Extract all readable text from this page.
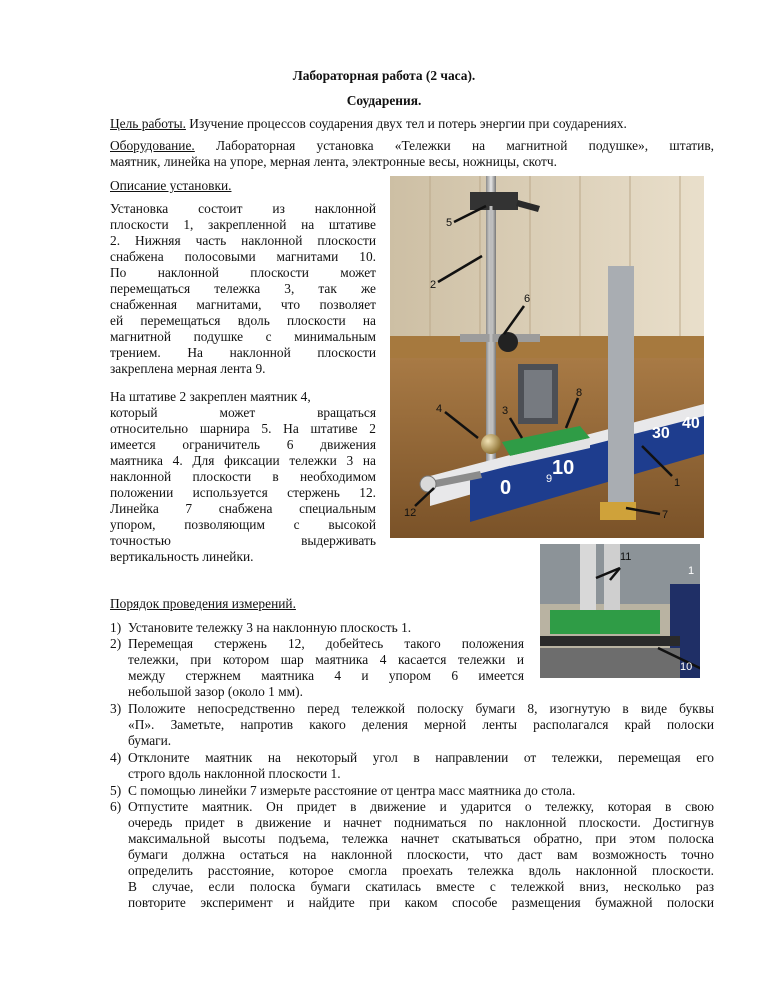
Лабораторная работа (2 часа).
Соударения.
Цель работы. Изучение процессов соударения двух тел и потерь энергии при соударениях.
Оборудование. Лабораторная установка «Тележки на магнитной подушке», штатив,
маятник, линейка на упоре, мерная лента, электронные весы, ножницы, скотч.
Описание установки.
Установка состоит из наклонной
плоскости 1, закрепленной на штативе
2. Нижняя часть наклонной плоскости
снабжена полосовыми магнитами 10.
По наклонной плоскости может
перемещаться тележка 3, так же
снабженная магнитами, что позволяет
ей перемещаться вдоль плоскости на
магнитной подушке с минимальным
трением. На наклонной плоскости
закреплена мерная лента 9.
На штативе 2 закреплен маятник 4,
который может вращаться
относительно шарнира 5. На штативе 2
имеется ограничитель 6 движения
маятника 4. Для фиксации тележки 3 на
наклонной плоскости в необходимом
положении используется стержень 12.
Линейка 7 снабжена специальным
упором, позволяющим с высокой
точностью выдерживать
вертикальность линейки.
0	9 10
30
40
5
2
6
4	3
8
1
12	7
11
1
10
Порядок проведения измерений.
1) Установите тележку 3 на наклонную плоскость 1.
2) Перемещая стержень 12, добейтесь такого положения
тележки, при котором шар маятника 4 касается тележки и
между стержнем маятника 4 и упором 6 имеется
небольшой зазор (около 1 мм).
3) Положите непосредственно перед тележкой полоску бумаги 8, изогнутую в виде буквы
«П». Заметьте, напротив какого деления мерной ленты располагался край полоски
бумаги.
4) Отклоните маятник на некоторый угол в направлении от тележки, перемещая его
строго вдоль наклонной плоскости 1.
5) С помощью линейки 7 измерьте расстояние от центра масс маятника до стола.
6) Отпустите маятник. Он придет в движение и ударится о тележку, которая в свою
очередь придет в движение и начнет подниматься по наклонной плоскости. Достигнув
максимальной высоты подъема, тележка начнет скатываться обратно, при этом полоска
бумаги должна остаться на наклонной плоскости, что даст вам возможность точно
определить расстояние, которое смогла проехать тележка вдоль наклонной плоскости.
В случае, если полоска бумаги скатилась вместе с тележкой вниз, несколько раз
повторите эксперимент и найдите при каком способе размещения бумажной полоски
